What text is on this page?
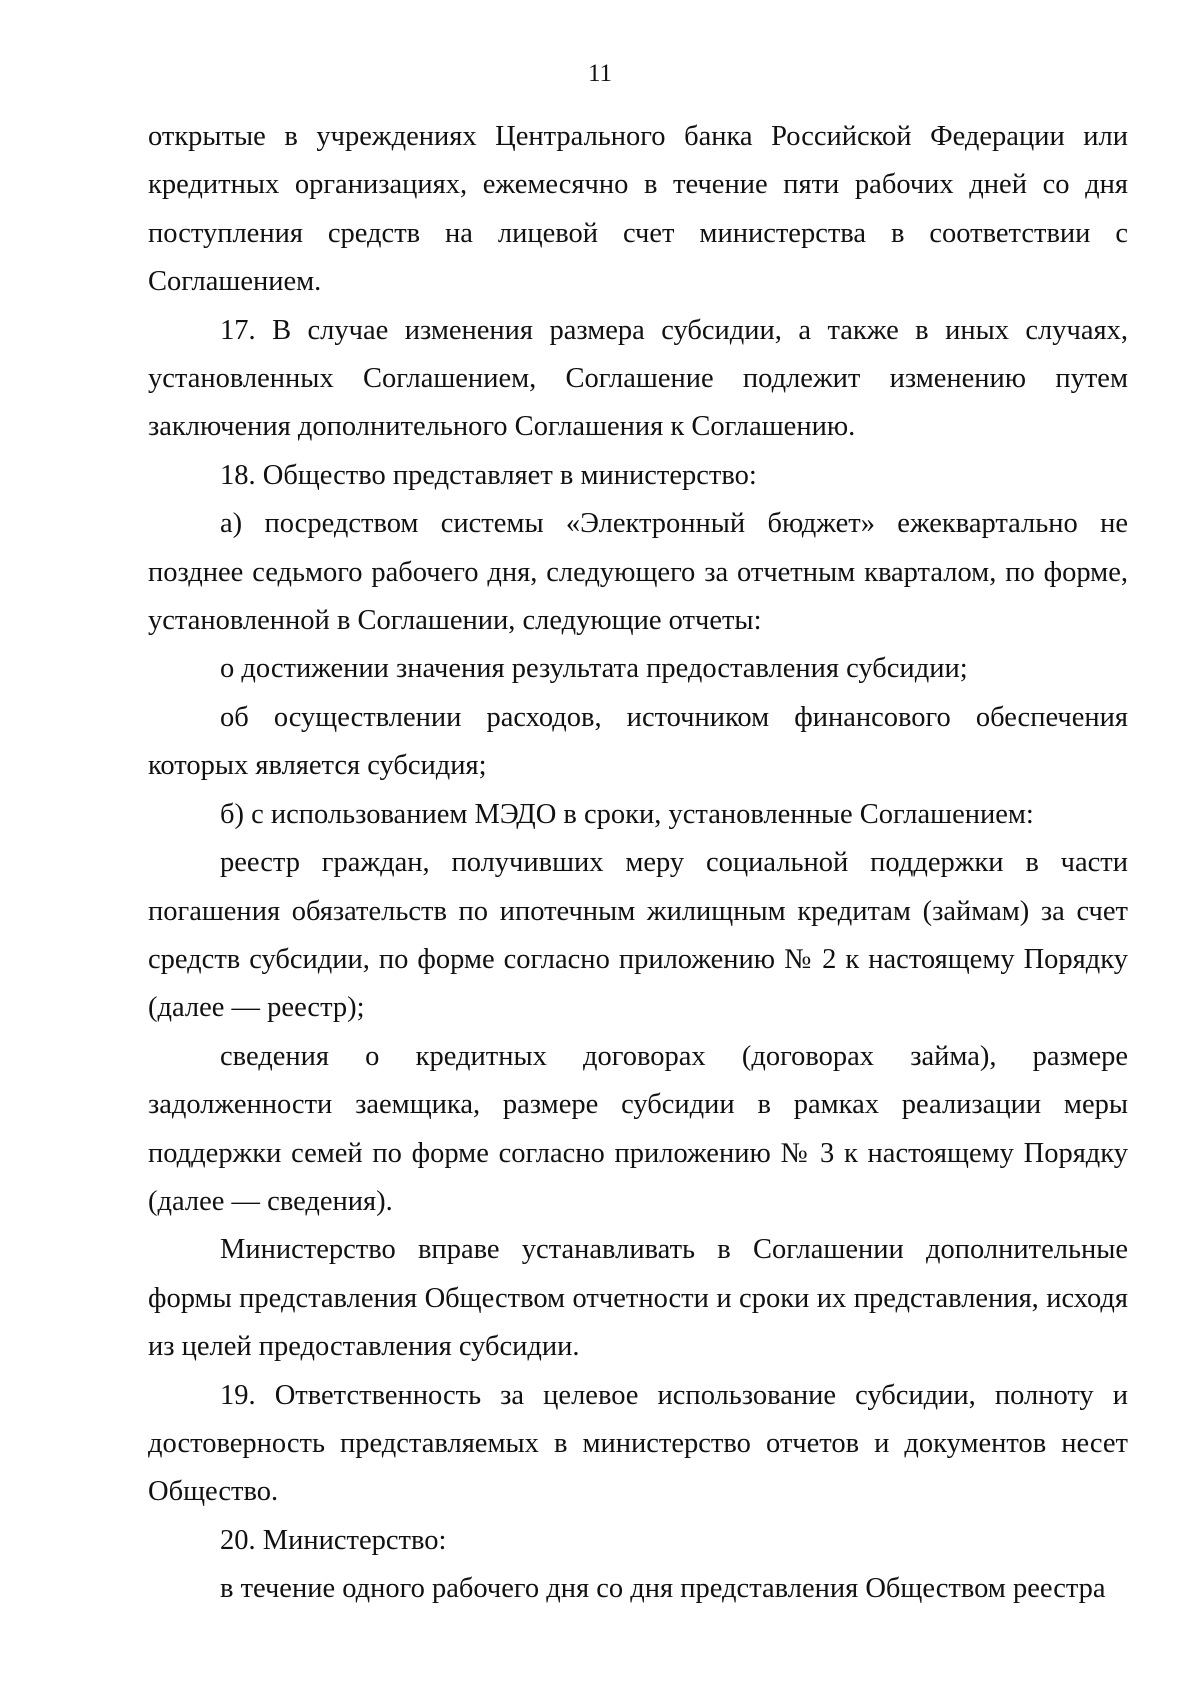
11

открытые в учреждениях Центрального банка Российской Федерации или кредитных организациях, ежемесячно в течение пяти рабочих дней со дня поступления средств на лицевой счет министерства в соответствии с Соглашением.

17. В случае изменения размера субсидии, а также в иных случаях, установленных Соглашением, Соглашение подлежит изменению путем заключения дополнительного Соглашения к Соглашению.

18. Общество представляет в министерство:

а) посредством системы «Электронный бюджет» ежеквартально не позднее седьмого рабочего дня, следующего за отчетным кварталом, по форме, установленной в Соглашении, следующие отчеты:

о достижении значения результата предоставления субсидии;

об осуществлении расходов, источником финансового обеспечения которых является субсидия;

б) с использованием МЭДО в сроки, установленные Соглашением:

реестр граждан, получивших меру социальной поддержки в части погашения обязательств по ипотечным жилищным кредитам (займам) за счет средств субсидии, по форме согласно приложению № 2 к настоящему Порядку (далее — реестр);

сведения о кредитных договорах (договорах займа), размере задолженности заемщика, размере субсидии в рамках реализации меры поддержки семей по форме согласно приложению № 3 к настоящему Порядку (далее — сведения).

Министерство вправе устанавливать в Соглашении дополнительные формы представления Обществом отчетности и сроки их представления, исходя из целей предоставления субсидии.

19. Ответственность за целевое использование субсидии, полноту и достоверность представляемых в министерство отчетов и документов несет Общество.

20. Министерство:

в течение одного рабочего дня со дня представления Обществом реестра
